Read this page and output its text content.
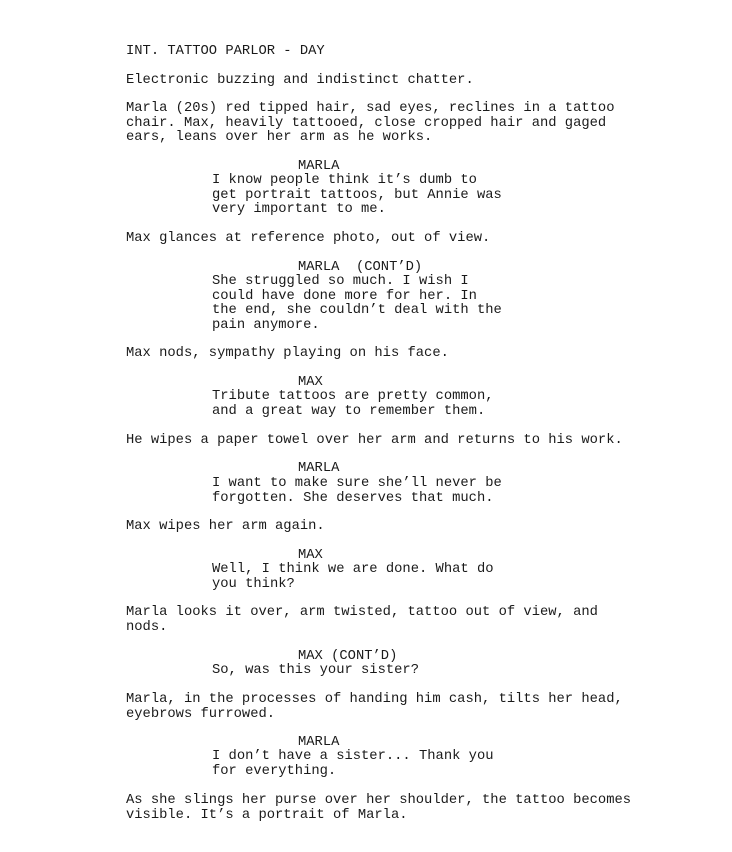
INT. TATTOO PARLOR - DAY
Electronic buzzing and indistinct chatter.
Marla (20s) red tipped hair, sad eyes, reclines in a tattoo
chair. Max, heavily tattooed, close cropped hair and gaged
ears, leans over her arm as he works.
MARLA
I know people think it’s dumb to
get portrait tattoos, but Annie was
very important to me.
Max glances at reference photo, out of view.
MARLA  (CONT’D)
She struggled so much. I wish I
could have done more for her. In
the end, she couldn’t deal with the
pain anymore.
Max nods, sympathy playing on his face.
MAX
Tribute tattoos are pretty common,
and a great way to remember them.
He wipes a paper towel over her arm and returns to his work.
MARLA
I want to make sure she’ll never be
forgotten. She deserves that much.
Max wipes her arm again.
MAX
Well, I think we are done. What do
you think?
Marla looks it over, arm twisted, tattoo out of view, and
nods.
MAX (CONT’D)
So, was this your sister?
Marla, in the processes of handing him cash, tilts her head,
eyebrows furrowed.
MARLA
I don’t have a sister... Thank you
for everything.
As she slings her purse over her shoulder, the tattoo becomes
visible. It’s a portrait of Marla.
